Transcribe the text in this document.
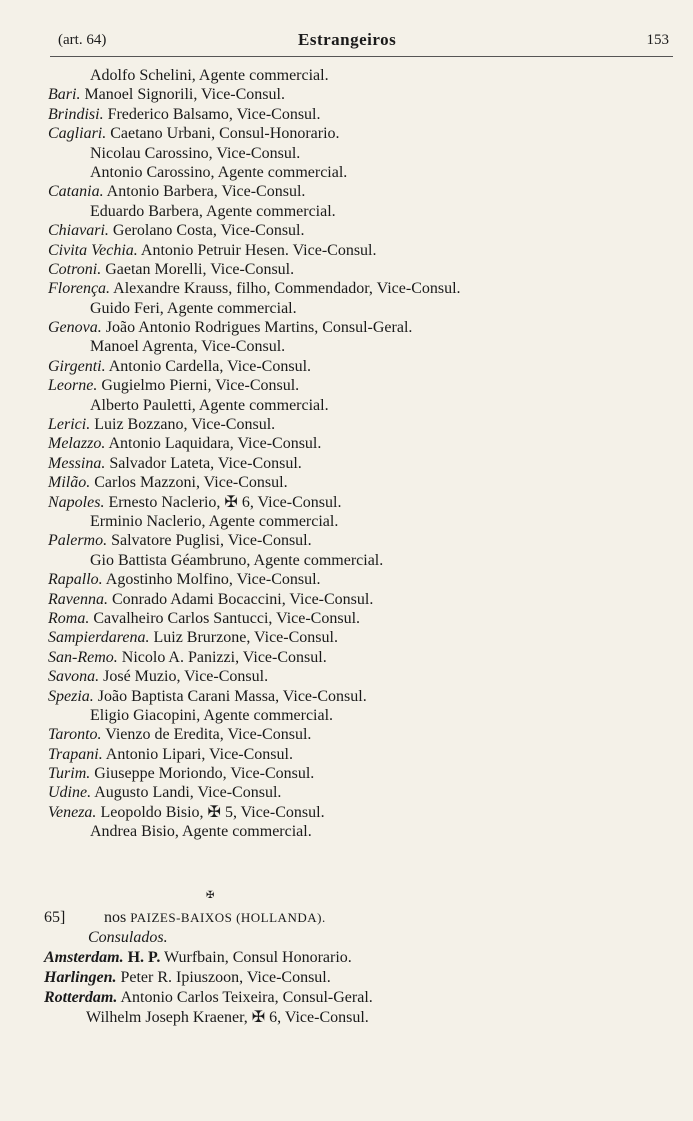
(art. 64)	Estrangeiros	153
Adolfo Schelini, Agente commercial.
Bari. Manoel Signorili, Vice-Consul.
Brindisi. Frederico Balsamo, Vice-Consul.
Cagliari. Caetano Urbani, Consul-Honorario.
Nicolau Carossino, Vice-Consul.
Antonio Carossino, Agente commercial.
Catania. Antonio Barbera, Vice-Consul.
Eduardo Barbera, Agente commercial.
Chiavari. Gerolano Costa, Vice-Consul.
Civita Vechia. Antonio Petruir Hesen. Vice-Consul.
Cotroni. Gaetan Morelli, Vice-Consul.
Florença. Alexandre Krauss, filho, Commendador, Vice-Consul.
Guido Feri, Agente commercial.
Genova. João Antonio Rodrigues Martins, Consul-Geral.
Manoel Agrenta, Vice-Consul.
Girgenti. Antonio Cardella, Vice-Consul.
Leorne. Gugielmo Pierni, Vice-Consul.
Alberto Pauletti, Agente commercial.
Lerici. Luiz Bozzano, Vice-Consul.
Melazzo. Antonio Laquidara, Vice-Consul.
Messina. Salvador Lateta, Vice-Consul.
Milão. Carlos Mazzoni, Vice-Consul.
Napoles. Ernesto Naclerio, ✠ 6, Vice-Consul.
Erminio Naclerio, Agente commercial.
Palermo. Salvatore Puglisi, Vice-Consul.
Gio Battista Géambruno, Agente commercial.
Rapallo. Agostinho Molfino, Vice-Consul.
Ravenna. Conrado Adami Bocaccini, Vice-Consul.
Roma. Cavalheiro Carlos Santucci, Vice-Consul.
Sampierdarena. Luiz Brurzone, Vice-Consul.
San-Remo. Nicolo A. Panizzi, Vice-Consul.
Savona. José Muzio, Vice-Consul.
Spezia. João Baptista Carani Massa, Vice-Consul.
Eligio Giacopini, Agente commercial.
Taronto. Vienzo de Eredita, Vice-Consul.
Trapani. Antonio Lipari, Vice-Consul.
Turim. Giuseppe Moriondo, Vice-Consul.
Udine. Augusto Landi, Vice-Consul.
Veneza. Leopoldo Bisio, ✠ 5, Vice-Consul.
Andrea Bisio, Agente commercial.
✠
65] nos PAIZES-BAIXOS (HOLLANDA).
Consulados.
Amsterdam. H. P. Wurfbain, Consul Honorario.
Harlingen. Peter R. Ipiuszoon, Vice-Consul.
Rotterdam. Antonio Carlos Teixeira, Consul-Geral.
Wilhelm Joseph Kraener, ✠ 6, Vice-Consul.
